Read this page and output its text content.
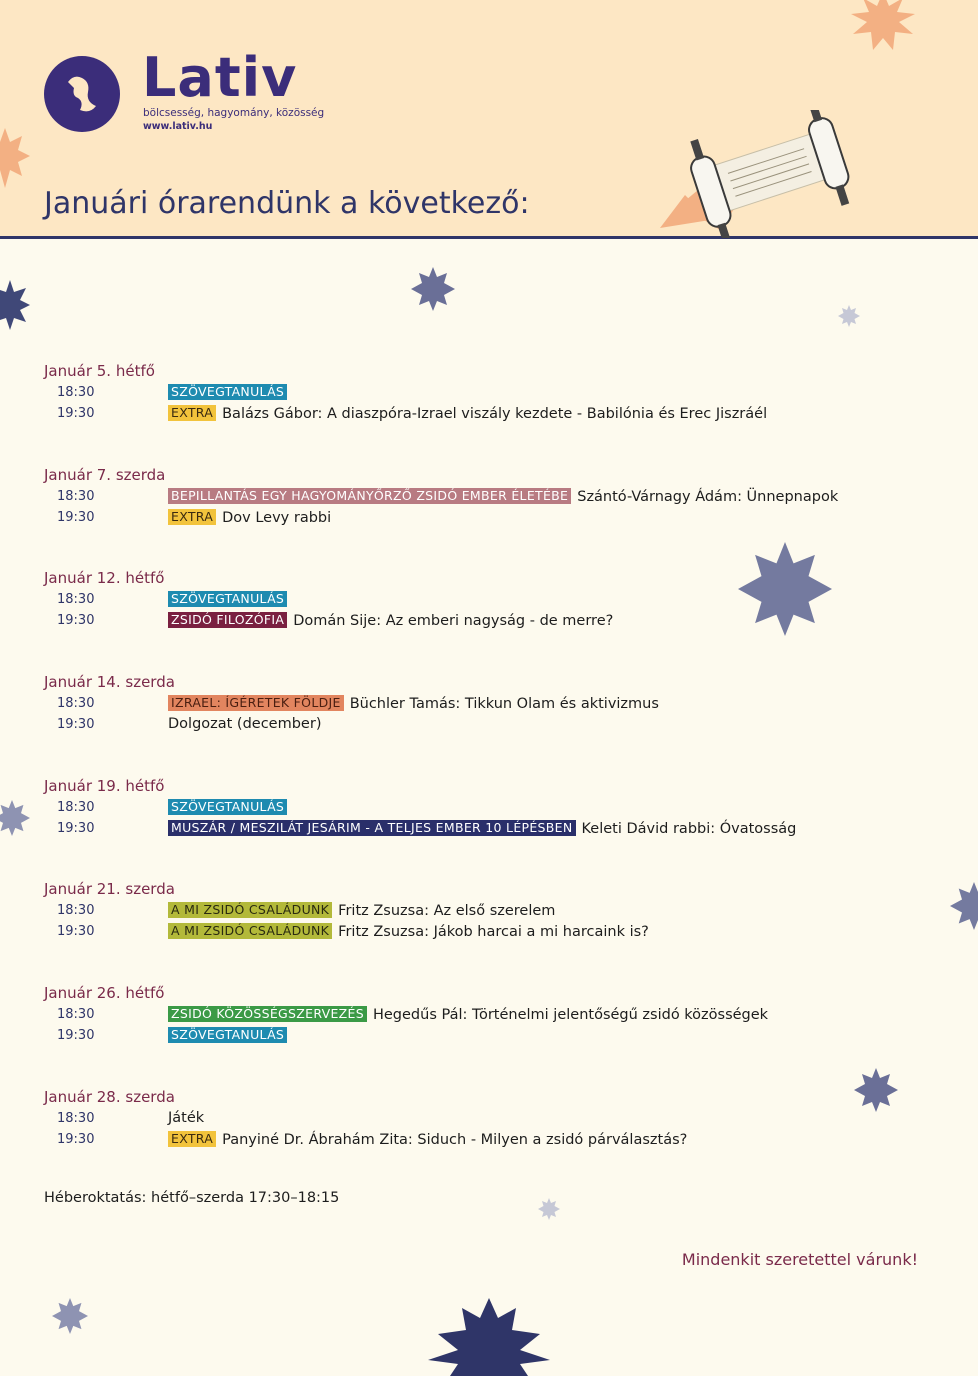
Lativ
bölcsesség, hagyomány, közösség
www.lativ.hu
Januári órarendünk a következő:
Január 5. hétfő
18:30	SZÖVEGTANULÁS
19:30	EXTRA Balázs Gábor: A diaszpóra-Izrael viszály kezdete - Babilónia és Erec Jiszráél
Január 7. szerda
18:30	BEPILLANTÁS EGY HAGYOMÁNYŐRZŐ ZSIDÓ EMBER ÉLETÉBE Szántó-Várnagy Ádám: Ünnepnapok
19:30	EXTRA Dov Levy rabbi
Január 12. hétfő
18:30	SZÖVEGTANULÁS
19:30	ZSIDÓ FILOZÓFIA Domán Sije: Az emberi nagyság - de merre?
Január 14. szerda
18:30	IZRAEL: ÍGÉRETEK FÖLDJE Büchler Tamás: Tikkun Olam és aktivizmus
19:30	Dolgozat (december)
Január 19. hétfő
18:30	SZÖVEGTANULÁS
19:30	MUSZÁR / MESZILÁT JESÁRIM - A TELJES EMBER 10 LÉPÉSBEN Keleti Dávid rabbi: Óvatosság
Január 21. szerda
18:30	A MI ZSIDÓ CSALÁDUNK Fritz Zsuzsa: Az első szerelem
19:30	A MI ZSIDÓ CSALÁDUNK Fritz Zsuzsa: Jákob harcai a mi harcaink is?
Január 26. hétfő
18:30	ZSIDÓ KÖZÖSSÉGSZERVEZÉS Hegedűs Pál: Történelmi jelentőségű zsidó közösségek
19:30	SZÖVEGTANULÁS
Január 28. szerda
18:30	Játék
19:30	EXTRA Panyiné Dr. Ábrahám Zita: Siduch - Milyen a zsidó párválasztás?
Héberoktatás: hétfő–szerda 17:30–18:15
Mindenkit szeretettel várunk!
